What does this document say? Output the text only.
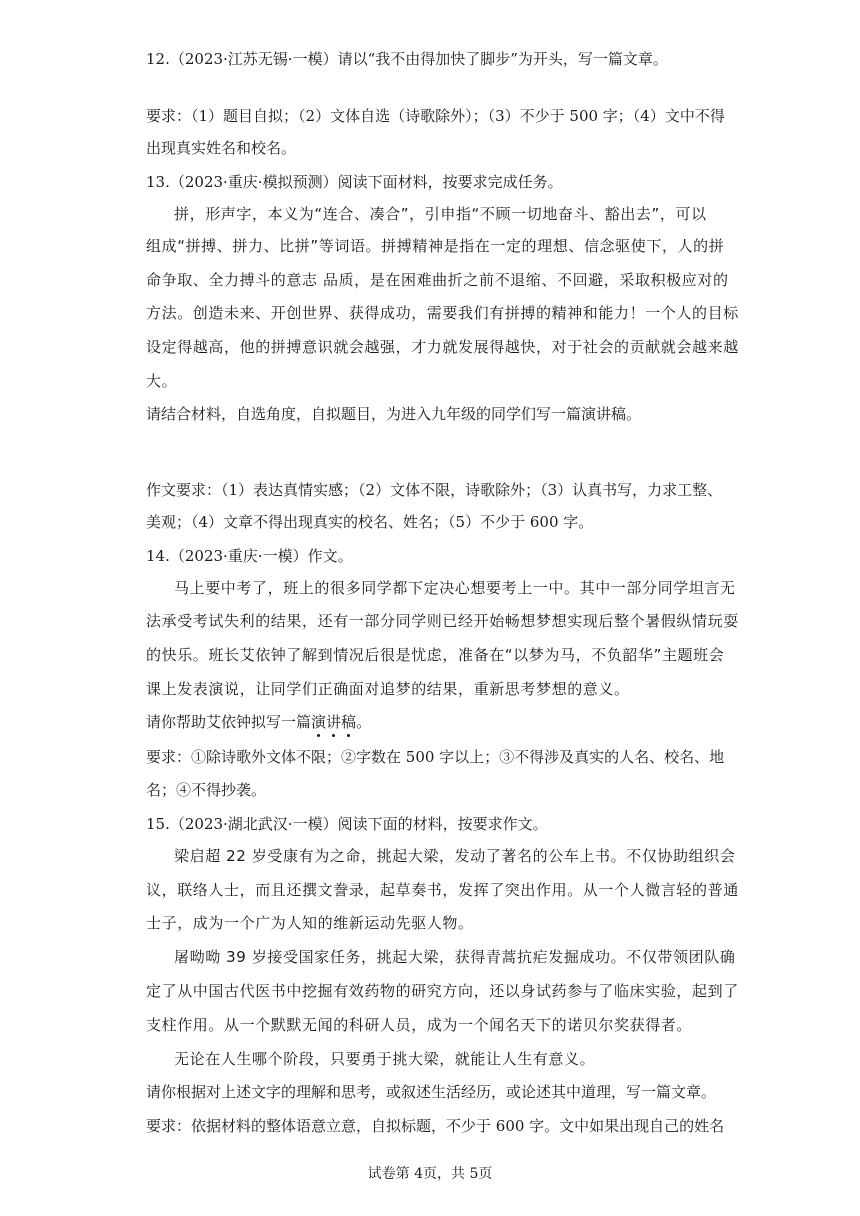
12.（2023·江苏无锡·一模）请以“我不由得加快了脚步”为开头，写一篇文章。
要求：（1）题目自拟；（2）文体自选（诗歌除外）；（3）不少于 500 字；（4）文中不得
出现真实姓名和校名。
13.（2023·重庆·模拟预测）阅读下面材料，按要求完成任务。
拼，形声字，本义为“连合、凑合”，引申指“不顾一切地奋斗、豁出去”，可以
组成“拼搏、拼力、比拼”等词语。拼搏精神是指在一定的理想、信念驱使下，人的拼
命争取、全力搏斗的意志 品质，是在困难曲折之前不退缩、不回避，采取积极应对的
方法。创造未来、开创世界、获得成功，需要我们有拼搏的精神和能力！一个人的目标
设定得越高，他的拼搏意识就会越强，才力就发展得越快，对于社会的贡献就会越来越
大。
请结合材料，自选角度，自拟题目，为进入九年级的同学们写一篇演讲稿。
作文要求：（1）表达真情实感；（2）文体不限，诗歌除外；（3）认真书写，力求工整、
美观；（4）文章不得出现真实的校名、姓名；（5）不少于 600 字。
14.（2023·重庆·一模）作文。
马上要中考了，班上的很多同学都下定决心想要考上一中。其中一部分同学坦言无
法承受考试失利的结果，还有一部分同学则已经开始畅想梦想实现后整个暑假纵情玩耍
的快乐。班长艾依钟了解到情况后很是忧虑，准备在“以梦为马，不负韶华”主题班会
课上发表演说，让同学们正确面对追梦的结果，重新思考梦想的意义。
请你帮助艾依钟拟写一篇演讲稿。
要求：①除诗歌外文体不限；②字数在 500 字以上；③不得涉及真实的人名、校名、地
名；④不得抄袭。
15.（2023·湖北武汉·一模）阅读下面的材料，按要求作文。
梁启超 22 岁受康有为之命，挑起大梁，发动了著名的公车上书。不仅协助组织会
议，联络人士，而且还撰文誊录，起草奏书，发挥了突出作用。从一个人微言轻的普通
士子，成为一个广为人知的维新运动先驱人物。
屠呦呦 39 岁接受国家任务，挑起大梁，获得青蒿抗疟发掘成功。不仅带领团队确
定了从中国古代医书中挖掘有效药物的研究方向，还以身试药参与了临床实验，起到了
支柱作用。从一个默默无闻的科研人员，成为一个闻名天下的诺贝尔奖获得者。
无论在人生哪个阶段，只要勇于挑大梁，就能让人生有意义。
请你根据对上述文字的理解和思考，或叙述生活经历，或论述其中道理，写一篇文章。
要求：依据材料的整体语意立意，自拟标题，不少于 600 字。文中如果出现自己的姓名
试卷第 4页，共 5页
